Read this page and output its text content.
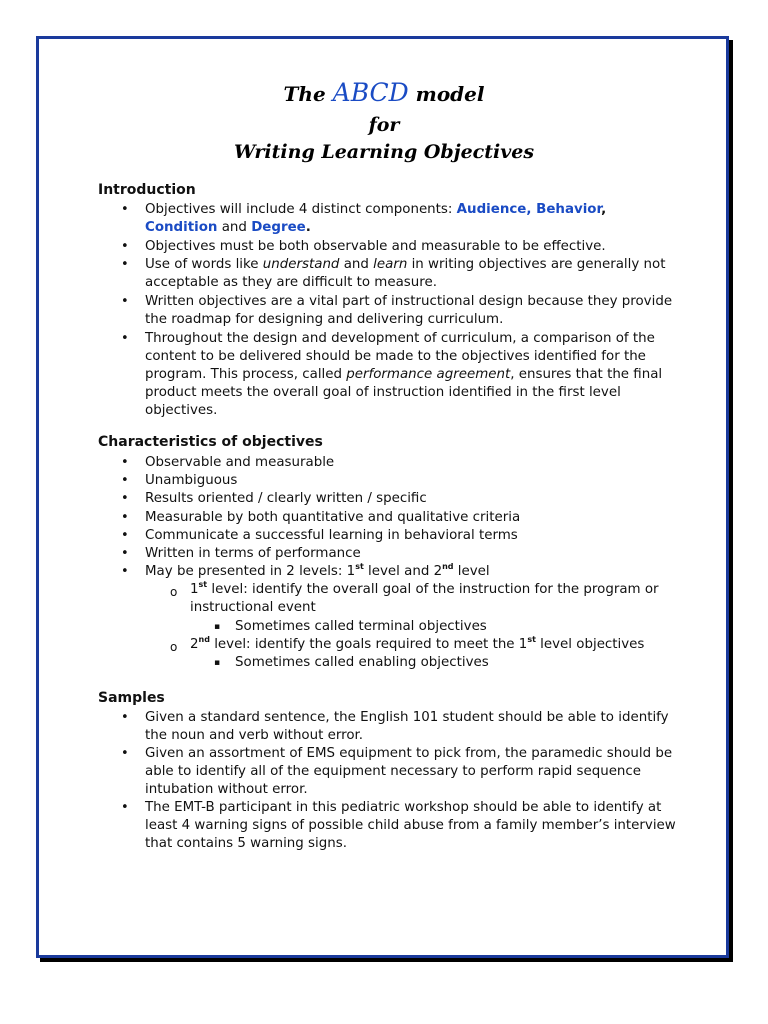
The ABCD model
for
Writing Learning Objectives
Introduction
• Objectives will include 4 distinct components: Audience, Behavior,
Condition and Degree.
• Objectives must be both observable and measurable to be effective.
• Use of words like understand and learn in writing objectives are generally not
acceptable as they are difficult to measure.
• Written objectives are a vital part of instructional design because they provide
the roadmap for designing and delivering curriculum.
• Throughout the design and development of curriculum, a comparison of the
content to be delivered should be made to the objectives identified for the
program. This process, called performance agreement, ensures that the final
product meets the overall goal of instruction identified in the first level
objectives.
Characteristics of objectives
• Observable and measurable
• Unambiguous
• Results oriented / clearly written / specific
• Measurable by both quantitative and qualitative criteria
• Communicate a successful learning in behavioral terms
• Written in terms of performance
• May be presented in 2 levels: 1st level and 2nd level
o 1st level: identify the overall goal of the instruction for the program or
instructional event
▪ Sometimes called terminal objectives
o 2nd level: identify the goals required to meet the 1st level objectives
▪ Sometimes called enabling objectives
Samples
• Given a standard sentence, the English 101 student should be able to identify
the noun and verb without error.
• Given an assortment of EMS equipment to pick from, the paramedic should be
able to identify all of the equipment necessary to perform rapid sequence
intubation without error.
• The EMT-B participant in this pediatric workshop should be able to identify at
least 4 warning signs of possible child abuse from a family member’s interview
that contains 5 warning signs.
